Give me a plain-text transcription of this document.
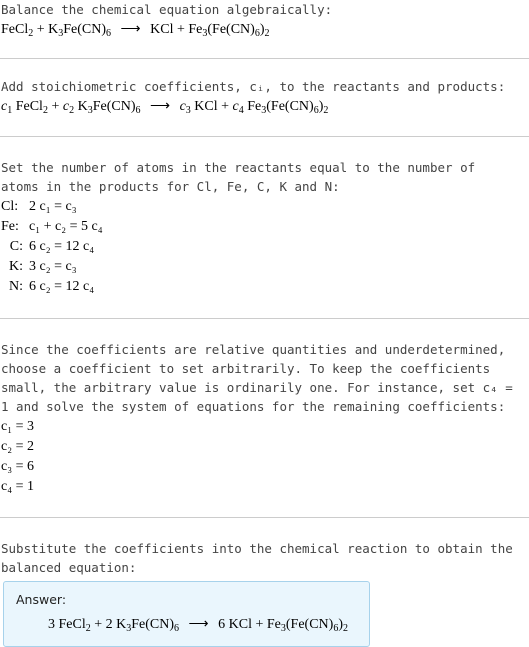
Balance the chemical equation algebraically:
FeCl$_2$ + $K_3Fe(CN)_6$ ⟶ KCl + $Fe_3(Fe(CN)_6)_2$
Add stoichiometric coefficients, cᵢ, to the reactants and products:
$c_1$ FeCl$_2$ + $c_2$ $K_3Fe(CN)_6$ ⟶ $c_3$ KCl + $c_4$ $Fe_3(Fe(CN)_6)_2$
Set the number of atoms in the reactants equal to the number of atoms in the products for Cl, Fe, C, K and N:
Cl: 2 c₁ = c₃
Fe: c₁ + c₂ = 5 c₄
C: 6 c₂ = 12 c₄
K: 3 c₂ = c₃
N: 6 c₂ = 12 c₄
Since the coefficients are relative quantities and underdetermined, choose a coefficient to set arbitrarily. To keep the coefficients small, the arbitrary value is ordinarily one. For instance, set c₄ = 1 and solve the system of equations for the remaining coefficients:
c₁ = 3
c₂ = 2
c₃ = 6
c₄ = 1
Substitute the coefficients into the chemical reaction to obtain the balanced equation:
Answer:
3 FeCl$_2$ + 2 $K_3Fe(CN)_6$ ⟶ 6 KCl + $Fe_3(Fe(CN)_6)_2$
